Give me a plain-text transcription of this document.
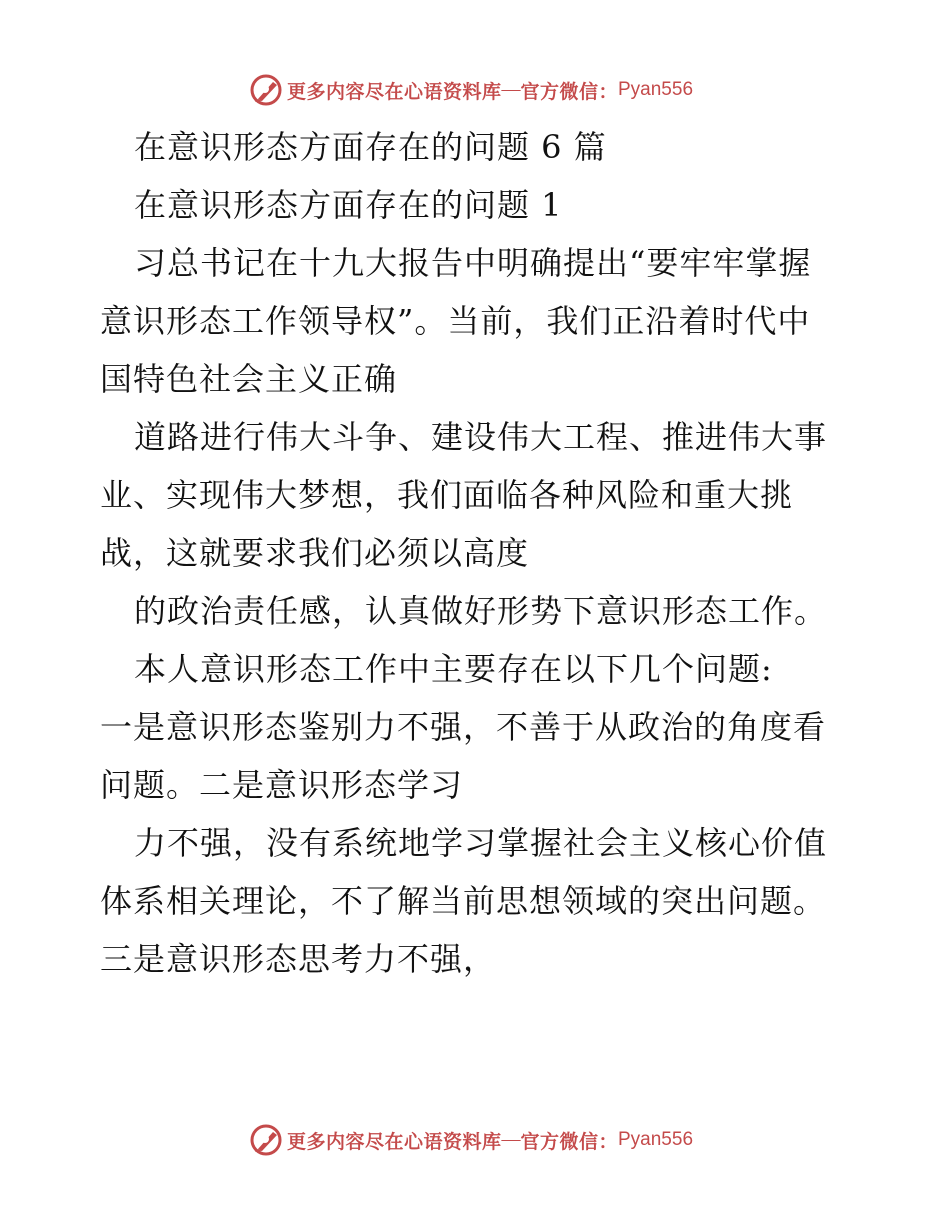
更多内容尽在心语资料库 — 官方微信： Pyan556
在意识形态方面存在的问题 6 篇
在意识形态方面存在的问题 1
习总书记在十九大报告中明确提出“要牢牢掌握
意识形态工作领导权”。当前，我们正沿着时代中
国特色社会主义正确
道路进行伟大斗争、建设伟大工程、推进伟大事
业、实现伟大梦想，我们面临各种风险和重大挑
战，这就要求我们必须以高度
的政治责任感，认真做好形势下意识形态工作。
本人意识形态工作中主要存在以下几个问题:
一是意识形态鉴别力不强，不善于从政治的角度看
问题。二是意识形态学习
力不强，没有系统地学习掌握社会主义核心价值
体系相关理论，不了解当前思想领域的突出问题。
三是意识形态思考力不强，
更多内容尽在心语资料库 — 官方微信： Pyan556
